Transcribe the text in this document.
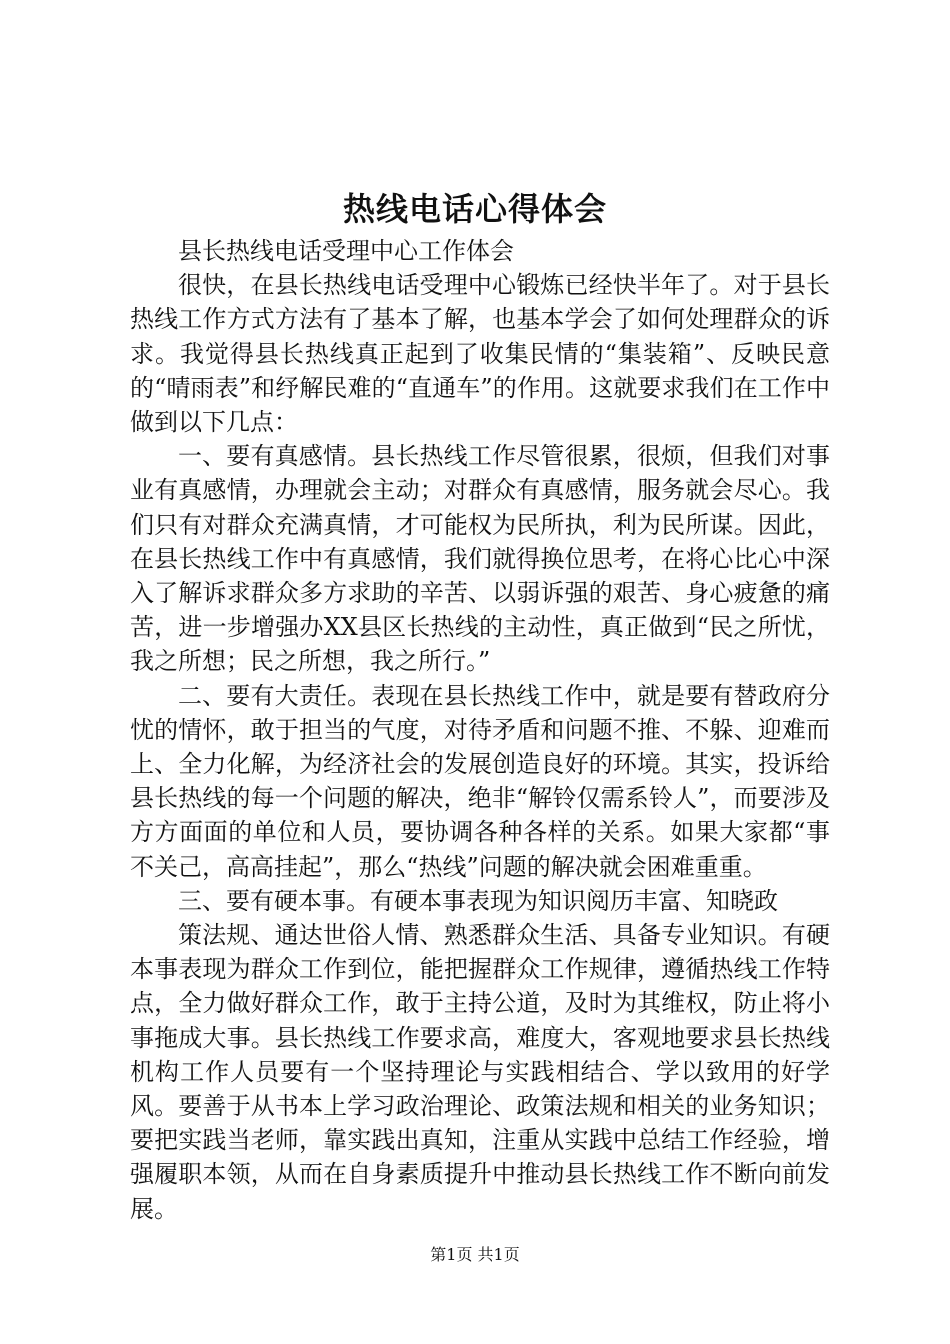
热线电话心得体会

县长热线电话受理中心工作体会

很快，在县长热线电话受理中心锻炼已经快半年了。对于县长热线工作方式方法有了基本了解，也基本学会了如何处理群众的诉求。我觉得县长热线真正起到了收集民情的“集装箱”、反映民意的“晴雨表”和纾解民难的“直通车”的作用。这就要求我们在工作中做到以下几点：

一、要有真感情。县长热线工作尽管很累，很烦，但我们对事业有真感情，办理就会主动；对群众有真感情，服务就会尽心。我们只有对群众充满真情，才可能权为民所执，利为民所谋。因此，在县长热线工作中有真感情，我们就得换位思考，在将心比心中深入了解诉求群众多方求助的辛苦、以弱诉强的艰苦、身心疲惫的痛苦，进一步增强办XX县区长热线的主动性，真正做到“民之所忧，我之所想；民之所想，我之所行。”

二、要有大责任。表现在县长热线工作中，就是要有替政府分忧的情怀，敢于担当的气度，对待矛盾和问题不推、不躲、迎难而上、全力化解，为经济社会的发展创造良好的环境。其实，投诉给县长热线的每一个问题的解决，绝非“解铃仅需系铃人”，而要涉及方方面面的单位和人员，要协调各种各样的关系。如果大家都“事不关己，高高挂起”，那么“热线”问题的解决就会困难重重。

三、要有硬本事。有硬本事表现为知识阅历丰富、知晓政

策法规、通达世俗人情、熟悉群众生活、具备专业知识。有硬本事表现为群众工作到位，能把握群众工作规律，遵循热线工作特点，全力做好群众工作，敢于主持公道，及时为其维权，防止将小事拖成大事。县长热线工作要求高，难度大，客观地要求县长热线机构工作人员要有一个坚持理论与实践相结合、学以致用的好学风。要善于从书本上学习政治理论、政策法规和相关的业务知识；要把实践当老师，靠实践出真知，注重从实践中总结工作经验，增强履职本领，从而在自身素质提升中推动县长热线工作不断向前发展。

第1页 共1页
